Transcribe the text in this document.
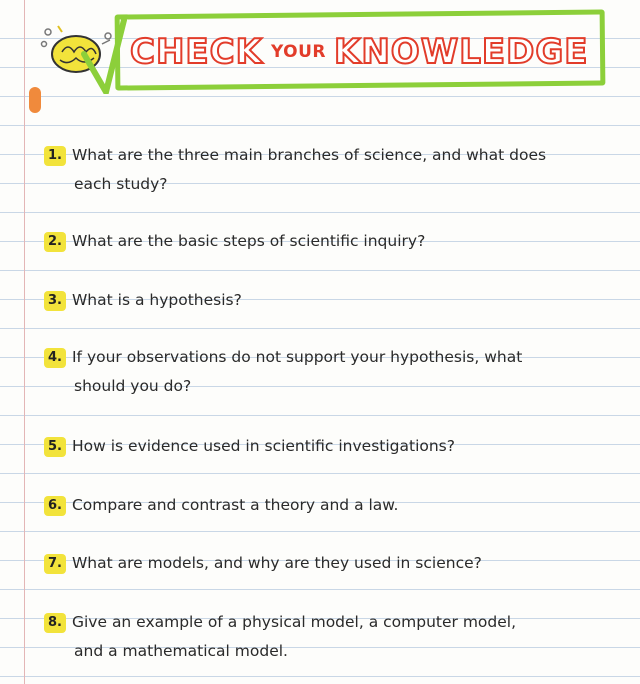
CHECK YOUR KNOWLEDGE
1. What are the three main branches of science, and what does
each study?
2. What are the basic steps of scientific inquiry?
3. What is a hypothesis?
4. If your observations do not support your hypothesis, what
should you do?
5. How is evidence used in scientific investigations?
6. Compare and contrast a theory and a law.
7. What are models, and why are they used in science?
8. Give an example of a physical model, a computer model,
and a mathematical model.
